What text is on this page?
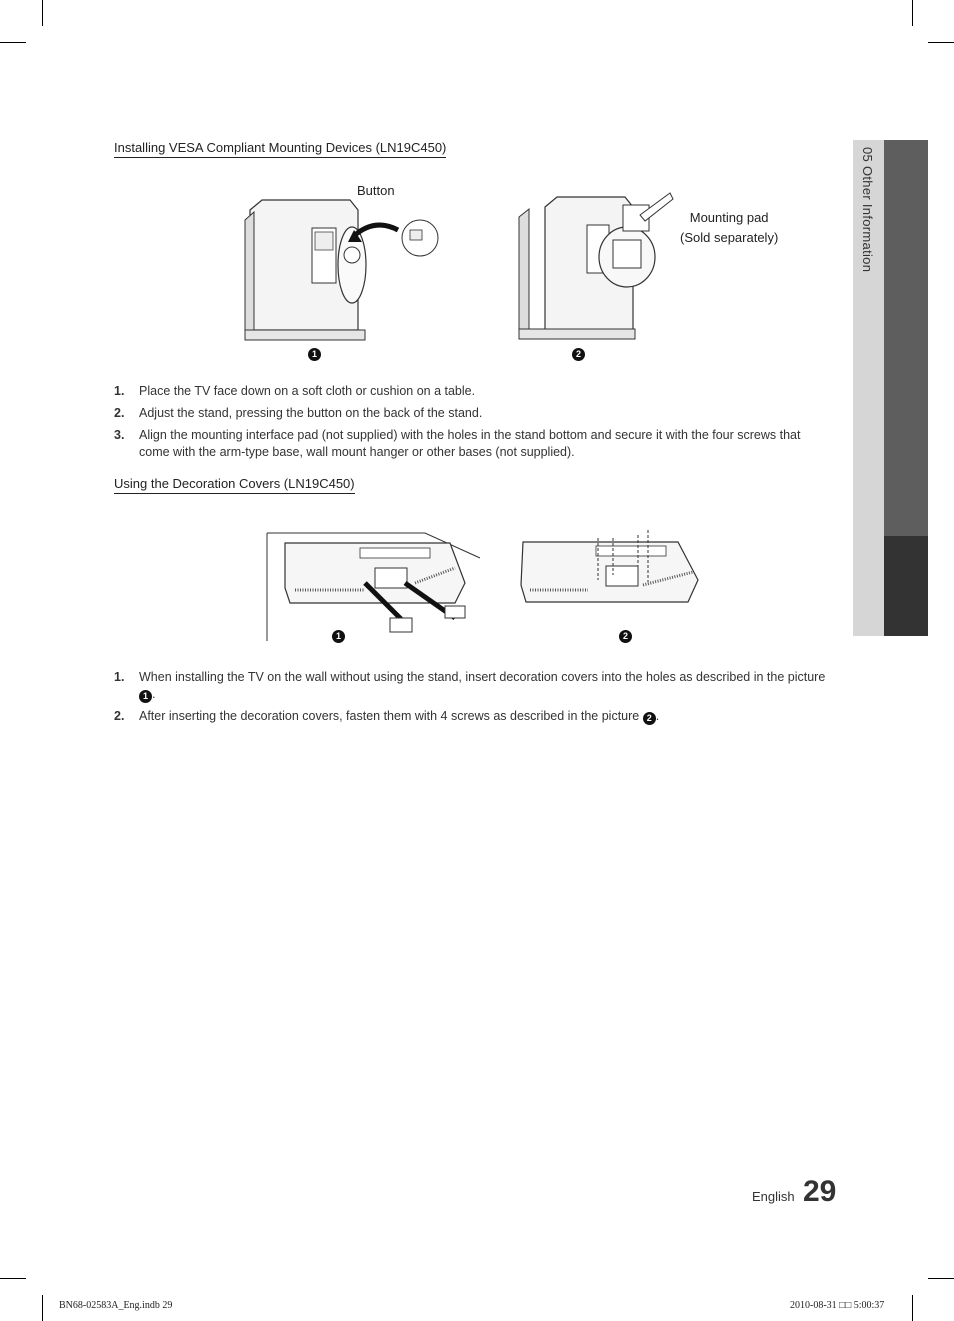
05 Other Information
Installing VESA Compliant Mounting Devices (LN19C450)
Button
1
Mounting pad
(Sold separately)
2
1.	Place the TV face down on a soft cloth or cushion on a table.
2.	Adjust the stand, pressing the button on the back of the stand.
3.	Align the mounting interface pad (not supplied) with the holes in the stand bottom and secure it with the four screws that come with the arm-type base, wall mount hanger or other bases (not supplied).
Using the Decoration Covers (LN19C450)
1	2
1.	When installing the TV on the wall without using the stand, insert decoration covers into the holes as described in the picture 1 .
2.	After inserting the decoration covers, fasten them with 4 screws as described in the picture 2 .
English 29
BN68-02583A_Eng.indb 29	2010-08-31 □□ 5:00:37
